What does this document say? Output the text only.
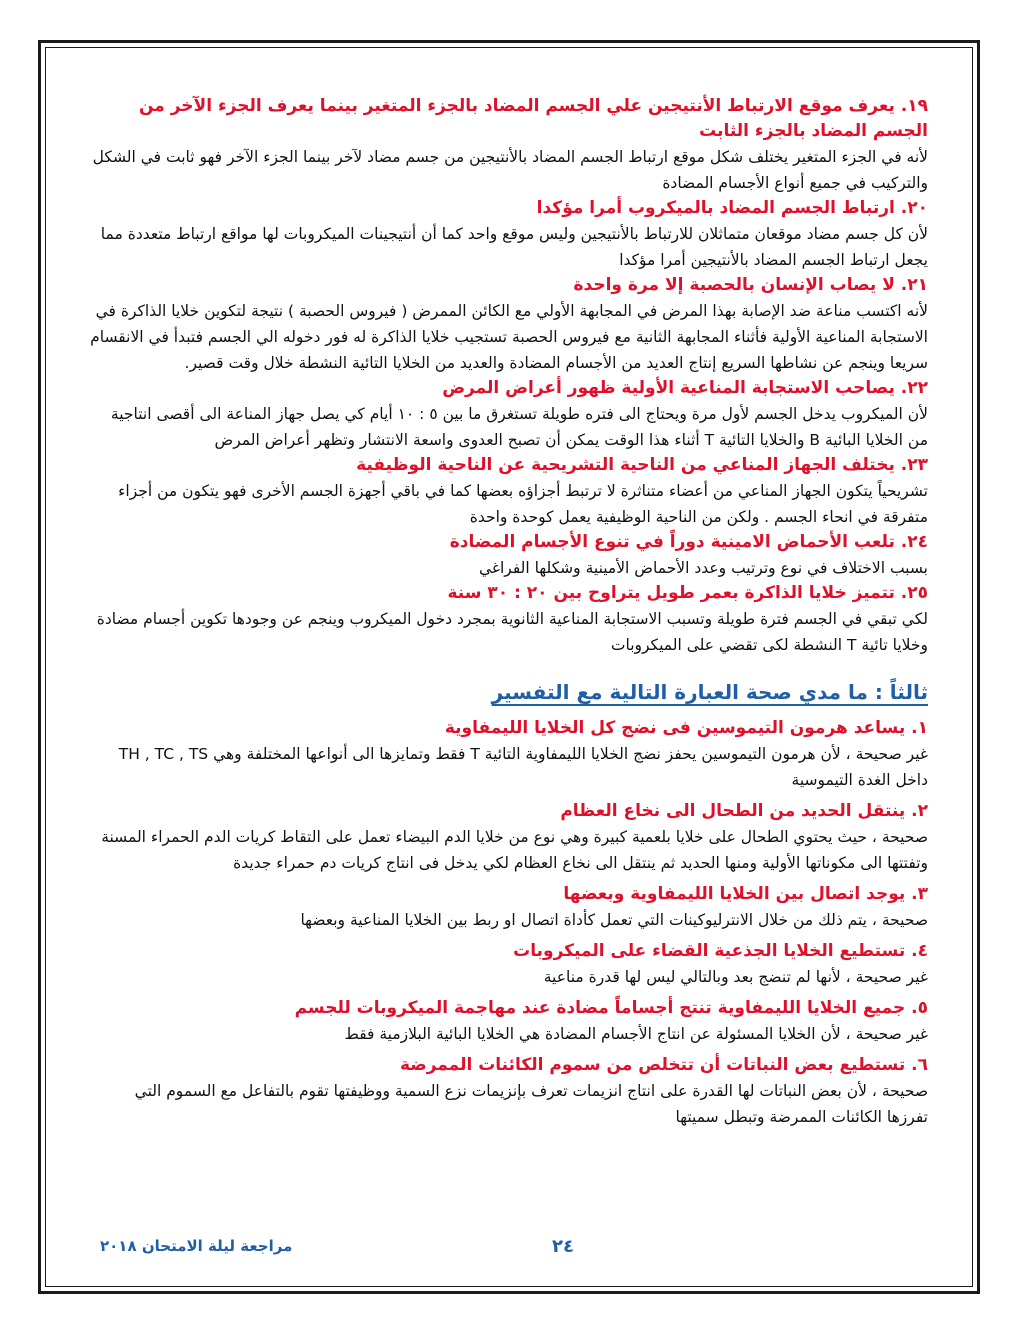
١٩. يعرف موقع الارتباط الأنتيجين علي الجسم المضاد بالجزء المتغير بينما يعرف الجزء الآخر من الجسم المضاد بالجزء الثابت

لأنه في الجزء المتغير يختلف شكل موقع ارتباط الجسم المضاد بالأنتيجين من جسم مضاد لآخر بينما الجزء الآخر فهو ثابت في الشكل والتركيب في جميع أنواع الأجسام المضادة

٢٠. ارتباط الجسم المضاد بالميكروب أمرا مؤكدا

لأن كل جسم مضاد موقعان متماثلان للارتباط بالأنتيجين وليس موقع واحد كما أن أنتيجينات الميكروبات لها مواقع ارتباط متعددة مما يجعل ارتباط الجسم المضاد بالأنتيجين أمرا مؤكدا

٢١. لا يصاب الإنسان بالحصبة إلا مرة واحدة

لأنه اكتسب مناعة ضد الإصابة بهذا المرض في المجابهة الأولي مع الكائن الممرض ( فيروس الحصبة ) نتيجة لتكوين خلايا الذاكرة في الاستجابة المناعية الأولية فأثناء المجابهة الثانية مع فيروس الحصبة تستجيب خلايا الذاكرة له فور دخوله الي الجسم فتبدأ في الانقسام سريعا وينجم عن نشاطها السريع إنتاج العديد من الأجسام المضادة والعديد من الخلايا التائية النشطة خلال وقت قصير.

٢٢. يصاحب الاستجابة المناعية الأولية ظهور أعراض المرض

لأن الميكروب يدخل الجسم لأول مرة ويحتاج الى فتره طويلة تستغرق ما بين ٥ : ١٠ أيام كي يصل جهاز المناعة الى أقصى انتاجية من الخلايا البائية B والخلايا التائية T أثناء هذا الوقت يمكن أن تصبح العدوى واسعة الانتشار وتظهر أعراض المرض

٢٣. يختلف الجهاز المناعي من الناحية التشريحية عن الناحية الوظيفية

تشريحياً يتكون الجهاز المناعي من أعضاء متناثرة لا ترتبط أجزاؤه بعضها كما في باقي أجهزة الجسم الأخرى فهو يتكون من أجزاء متفرقة في انحاء الجسم . ولكن من الناحية الوظيفية يعمل كوحدة واحدة

٢٤. تلعب الأحماض الامينية دوراً في تنوع الأجسام المضادة

بسبب الاختلاف في نوع وترتيب وعدد الأحماض الأمينية وشكلها الفراغي

٢٥. تتميز خلايا الذاكرة بعمر طويل يتراوح بين ٢٠ : ٣٠ سنة

لكي تبقي في الجسم فترة طويلة وتسبب الاستجابة المناعية الثانوية بمجرد دخول الميكروب وينجم عن وجودها تكوين أجسام مضادة وخلايا تائية T النشطة لكى تقضي على الميكروبات

ثالثاً : ما مدي صحة العبارة التالية مع التفسير

١. يساعد هرمون التيموسين فى نضج كل الخلايا الليمفاوية

غير صحيحة ، لأن هرمون التيموسين يحفز نضج الخلايا الليمفاوية التائية T فقط وتمايزها الى أنواعها المختلفة وهي TH , TC , TS داخل الغدة التيموسية

٢. ينتقل الحديد من الطحال الى نخاع العظام

صحيحة ، حيث يحتوي الطحال على خلايا بلعمية كبيرة وهي نوع من خلايا الدم البيضاء تعمل على التقاط كريات الدم الحمراء المسنة وتفتتها الى مكوناتها الأولية ومنها الحديد ثم ينتقل الى نخاع العظام لكي يدخل فى انتاج كريات دم حمراء جديدة

٣. يوجد اتصال بين الخلايا الليمفاوية وبعضها

صحيحة ، يتم ذلك من خلال الانترليوكينات التي تعمل كأداة اتصال او ربط بين الخلايا المناعية وبعضها

٤. تستطيع الخلايا الجذعية القضاء على الميكروبات

غير صحيحة ، لأنها لم تنضج بعد وبالتالي ليس لها قدرة مناعية

٥. جميع الخلايا الليمفاوية تنتج أجساماً مضادة عند مهاجمة الميكروبات للجسم

غير صحيحة ، لأن الخلايا المسئولة عن انتاج الأجسام المضادة هي الخلايا البائية البلازمية فقط

٦. تستطيع بعض النباتات أن تتخلص من سموم الكائنات الممرضة

صحيحة ، لأن بعض النباتات لها القدرة على انتاج انزيمات تعرف بإنزيمات نزع السمية ووظيفتها تقوم بالتفاعل مع السموم التي تفرزها الكائنات الممرضة وتبطل سميتها

٢٤
مراجعة ليلة الامتحان ٢٠١٨
